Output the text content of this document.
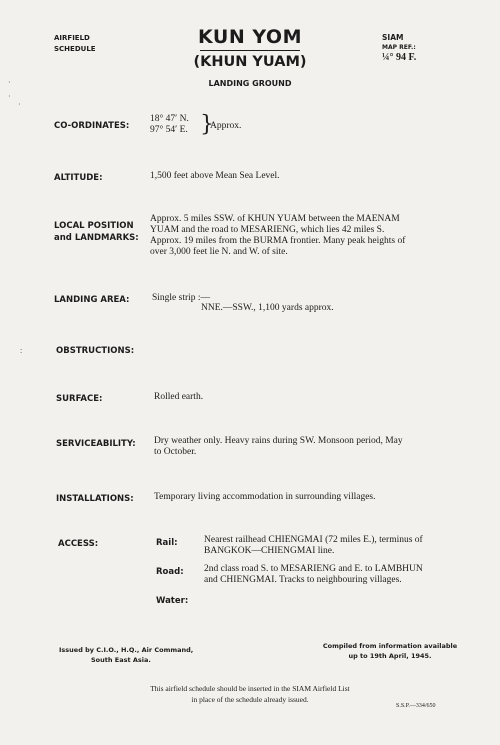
AIRFIELD
SCHEDULE
KUN YOM
(KHUN YUAM)
LANDING GROUND
SIAM
MAP REF.:
¼° 94 F.
·
·
·
:
CO-ORDINATES:
18° 47′ N.
97° 54′ E. }
Approx.
ALTITUDE:	1,500 feet above Mean Sea Level.
LOCAL POSITION
and LANDMARKS:
Approx. 5 miles SSW. of KHUN YUAM between the MAENAM
YUAM and the road to MESARIENG, which lies 42 miles S.
Approx. 19 miles from the BURMA frontier. Many peak heights of
over 3,000 feet lie N. and W. of site.
LANDING AREA: Single strip :—
NNE.—SSW., 1,100 yards approx.
OBSTRUCTIONS:
SURFACE:	Rolled earth.
SERVICEABILITY: Dry weather only. Heavy rains during SW. Monsoon period, May
to October.
INSTALLATIONS: Temporary living accommodation in surrounding villages.
ACCESS:	Rail:	Nearest railhead CHIENGMAI (72 miles E.), terminus of
BANGKOK—CHIENGMAI line.
Road: 2nd class road S. to MESARIENG and E. to LAMBHUN
and CHIENGMAI. Tracks to neighbouring villages.
Water:
Issued by C.I.O., H.Q., Air Command,
South East Asia.
Compiled from information available
up to 19th April, 1945.
This airfield schedule should be inserted in the SIAM Airfield List
in place of the schedule already issued.
S.S.P.—334/650
